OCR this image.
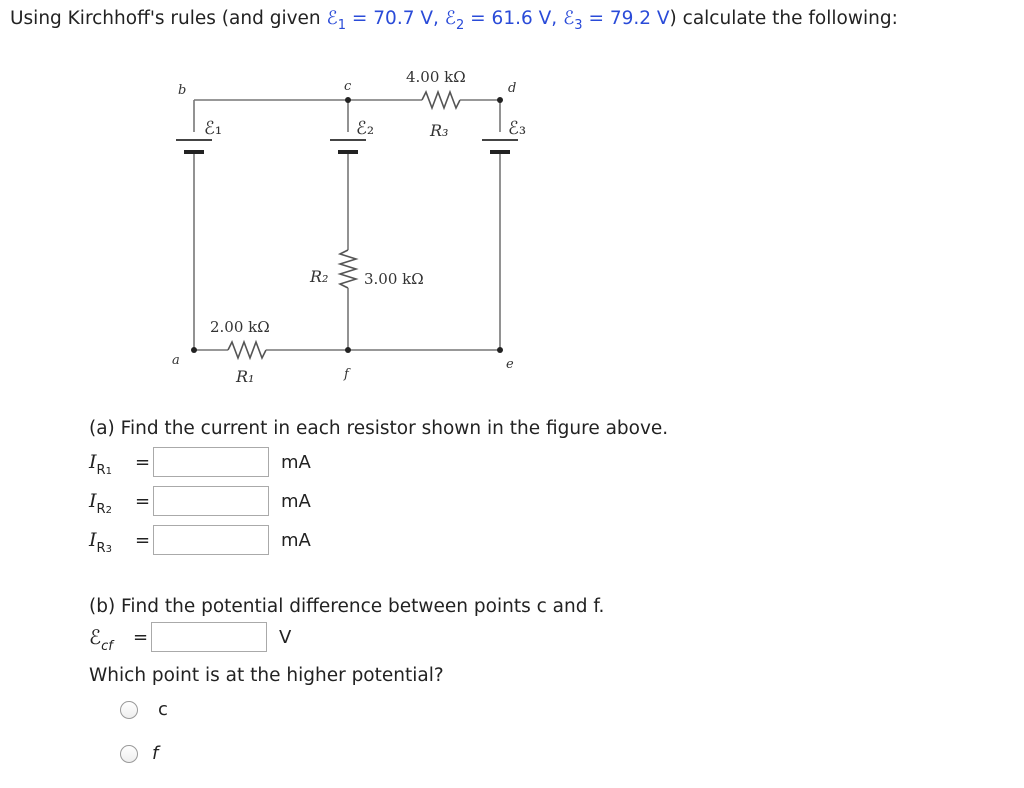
Using Kirchhoff's rules (and given ℰ$_1$ = 70.7 V, ℰ$_2$ = 61.6 V, ℰ$_3$ = 79.2 V) calculate the following:
b	c	d
a
f
e
ℰ₁	ℰ₂	ℰ₃
4.00 kΩ
R₃
R₂ 3.00 kΩ
2.00 kΩ
R₁
(a) Find the current in each resistor shown in the figure above.
$I_{R1}$	=	mA
$I_{R2}$	=	mA
$I_{R3}$	=	mA
(b) Find the potential difference between points c and f.
ℰ$_{cf}$	=	V
Which point is at the higher potential?
c
f
